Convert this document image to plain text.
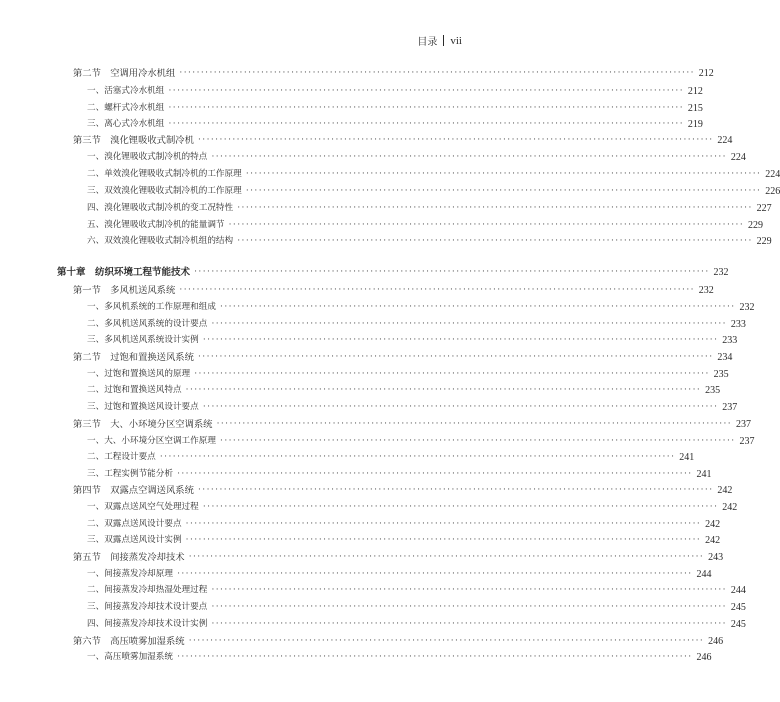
目录 vii
第二节　空调用冷水机组 ························································································································ 212
一、活塞式冷水机组 ························································································································ 212
二、螺杆式冷水机组 ························································································································ 215
三、离心式冷水机组 ························································································································ 219
第三节　溴化锂吸收式制冷机 ························································································································ 224
一、溴化锂吸收式制冷机的特点 ························································································································ 224
二、单效溴化锂吸收式制冷机的工作原理 ························································································································ 224
三、双效溴化锂吸收式制冷机的工作原理 ························································································································ 226
四、溴化锂吸收式制冷机的变工况特性 ························································································································ 227
五、溴化锂吸收式制冷机的能量调节 ························································································································ 229
六、双效溴化锂吸收式制冷机组的结构 ························································································································ 229
第十章　纺织环境工程节能技术 ························································································································ 232
第一节　多风机送风系统 ························································································································ 232
一、多风机系统的工作原理和组成 ························································································································ 232
二、多风机送风系统的设计要点 ························································································································ 233
三、多风机送风系统设计实例 ························································································································ 233
第二节　过饱和置换送风系统 ························································································································ 234
一、过饱和置换送风的原理 ························································································································ 235
二、过饱和置换送风特点 ························································································································ 235
三、过饱和置换送风设计要点 ························································································································ 237
第三节　大、小环境分区空调系统 ························································································································ 237
一、大、小环境分区空调工作原理 ························································································································ 237
二、工程设计要点 ························································································································ 241
三、工程实例节能分析 ························································································································ 241
第四节　双露点空调送风系统 ························································································································ 242
一、双露点送风空气处理过程 ························································································································ 242
二、双露点送风设计要点 ························································································································ 242
三、双露点送风设计实例 ························································································································ 242
第五节　间接蒸发冷却技术 ························································································································ 243
一、间接蒸发冷却原理 ························································································································ 244
二、间接蒸发冷却热湿处理过程 ························································································································ 244
三、间接蒸发冷却技术设计要点 ························································································································ 245
四、间接蒸发冷却技术设计实例 ························································································································ 245
第六节　高压喷雾加湿系统 ························································································································ 246
一、高压喷雾加湿系统 ························································································································ 246
